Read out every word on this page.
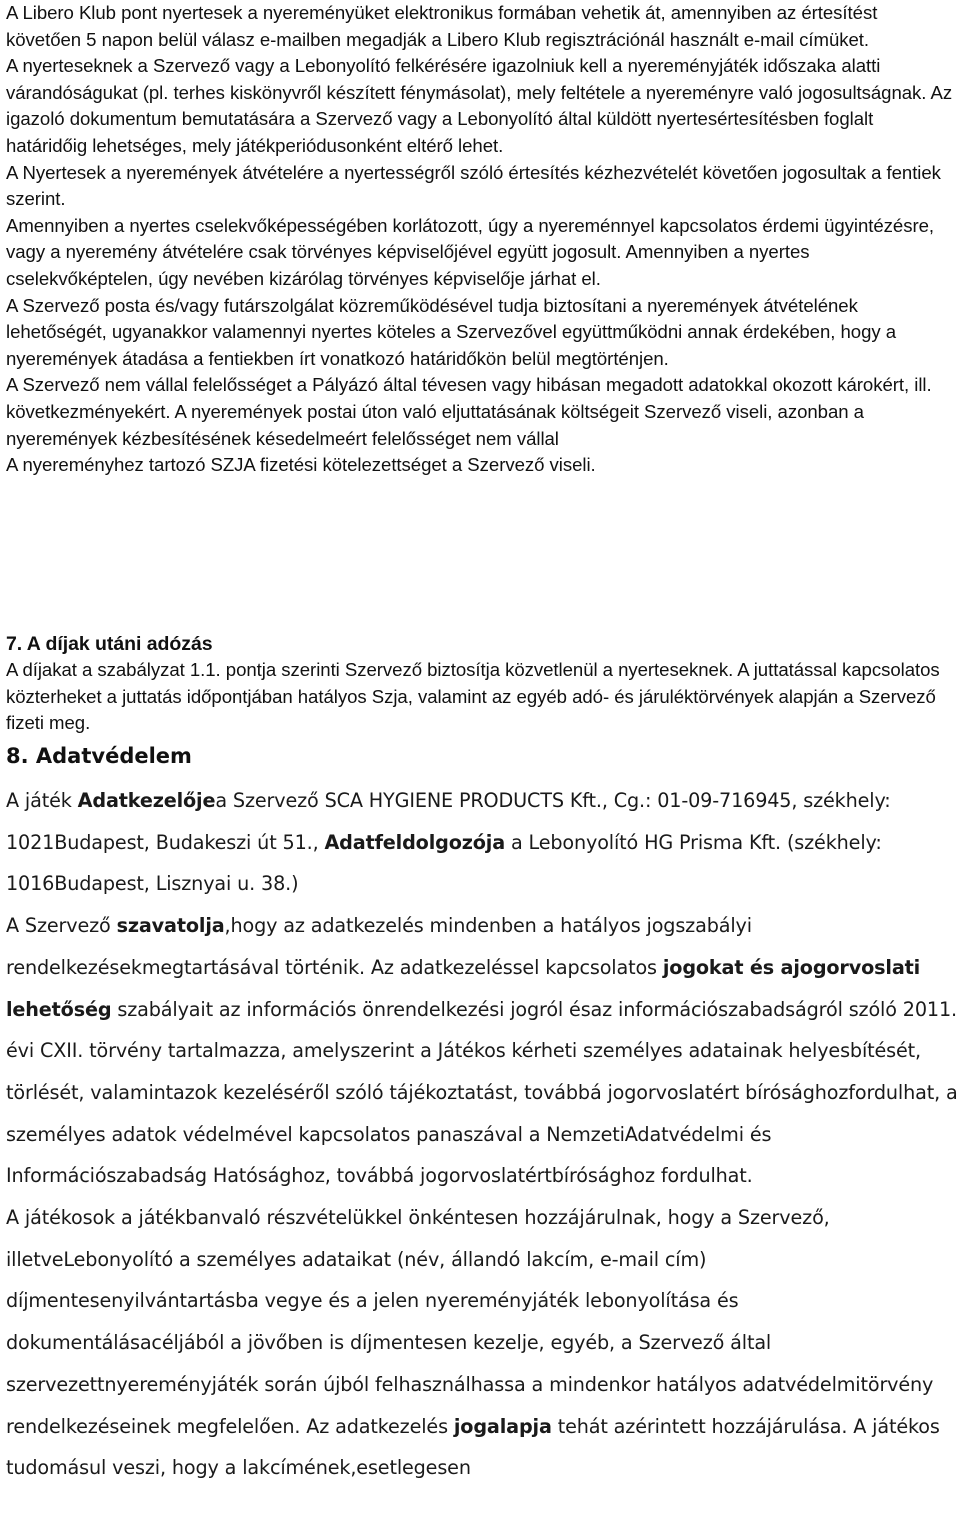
A Libero Klub pont nyertesek a nyereményüket elektronikus formában vehetik át, amennyiben az értesítést követően 5 napon belül válasz e-mailben megadják a Libero Klub regisztrációnál használt e-mail címüket.

A nyerteseknek a Szervező vagy a Lebonyolító felkérésére igazolniuk kell a nyereményjáték időszaka alatti várandóságukat (pl. terhes kiskönyvről készített fénymásolat), mely feltétele a nyereményre való jogosultságnak. Az igazoló dokumentum bemutatására a Szervező vagy a Lebonyolító által küldött nyertesértesítésben foglalt határidőig lehetséges, mely játékperiódusonként eltérő lehet.

A Nyertesek a nyeremények átvételére a nyertességről szóló értesítés kézhezvételét követően jogosultak a fentiek szerint.

Amennyiben a nyertes cselekvőképességében korlátozott, úgy a nyereménnyel kapcsolatos érdemi ügyintézésre, vagy a nyeremény átvételére csak törvényes képviselőjével együtt jogosult. Amennyiben a nyertes cselekvőképtelen, úgy nevében kizárólag törvényes képviselője járhat el.

A Szervező posta és/vagy futárszolgálat közreműködésével tudja biztosítani a nyeremények átvételének lehetőségét, ugyanakkor valamennyi nyertes köteles a Szervezővel együttműködni annak érdekében, hogy a nyeremények átadása a fentiekben írt vonatkozó határidőkön belül megtörténjen.

A Szervező nem vállal felelősséget a Pályázó által tévesen vagy hibásan megadott adatokkal okozott károkért, ill. következményekért. A nyeremények postai úton való eljuttatásának költségeit Szervező viseli, azonban a nyeremények kézbesítésének késedelmeért felelősséget nem vállal

A nyereményhez tartozó SZJA fizetési kötelezettséget a Szervező viseli.

7. A díjak utáni adózás

A díjakat a szabályzat 1.1. pontja szerinti Szervező biztosítja közvetlenül a nyerteseknek. A juttatással kapcsolatos közterheket a juttatás időpontjában hatályos Szja, valamint az egyéb adó- és járuléktörvények alapján a Szervező fizeti meg.

8. Adatvédelem

A játék Adatkezelőjea Szervező SCA HYGIENE PRODUCTS Kft., Cg.: 01-09-716945, székhely: 1021Budapest, Budakeszi út 51., Adatfeldolgozója a Lebonyolító HG Prisma Kft. (székhely: 1016Budapest, Lisznyai u. 38.)

A Szervező szavatolja,hogy az adatkezelés mindenben a hatályos jogszabályi rendelkezésekmegtartásával történik. Az adatkezeléssel kapcsolatos jogokat és ajogorvoslati lehetőség szabályait az információs önrendelkezési jogról ésaz információszabadságról szóló 2011. évi CXII. törvény tartalmazza, amelyszerint a Játékos kérheti személyes adatainak helyesbítését, törlését, valamintazok kezeléséről szóló tájékoztatást, továbbá jogorvoslatért bírósághozfordulhat, a személyes adatok védelmével kapcsolatos panaszával a NemzetiAdatvédelmi és Információszabadság Hatósághoz, továbbá jogorvoslatértbírósághoz fordulhat.

A játékosok a játékbanvaló részvételükkel önkéntesen hozzájárulnak, hogy a Szervező, illetveLebonyolító a személyes adataikat (név, állandó lakcím, e-mail cím) díjmentesenyilvántartásba vegye és a jelen nyereményjáték lebonyolítása és dokumentálásacéljából a jövőben is díjmentesen kezelje, egyéb, a Szervező által szervezettnyereményjáték során újból felhasználhassa a mindenkor hatályos adatvédelmitörvény rendelkezéseinek megfelelően. Az adatkezelés jogalapja tehát azérintett hozzájárulása. A játékos tudomásul veszi, hogy a lakcímének,esetlegesen
